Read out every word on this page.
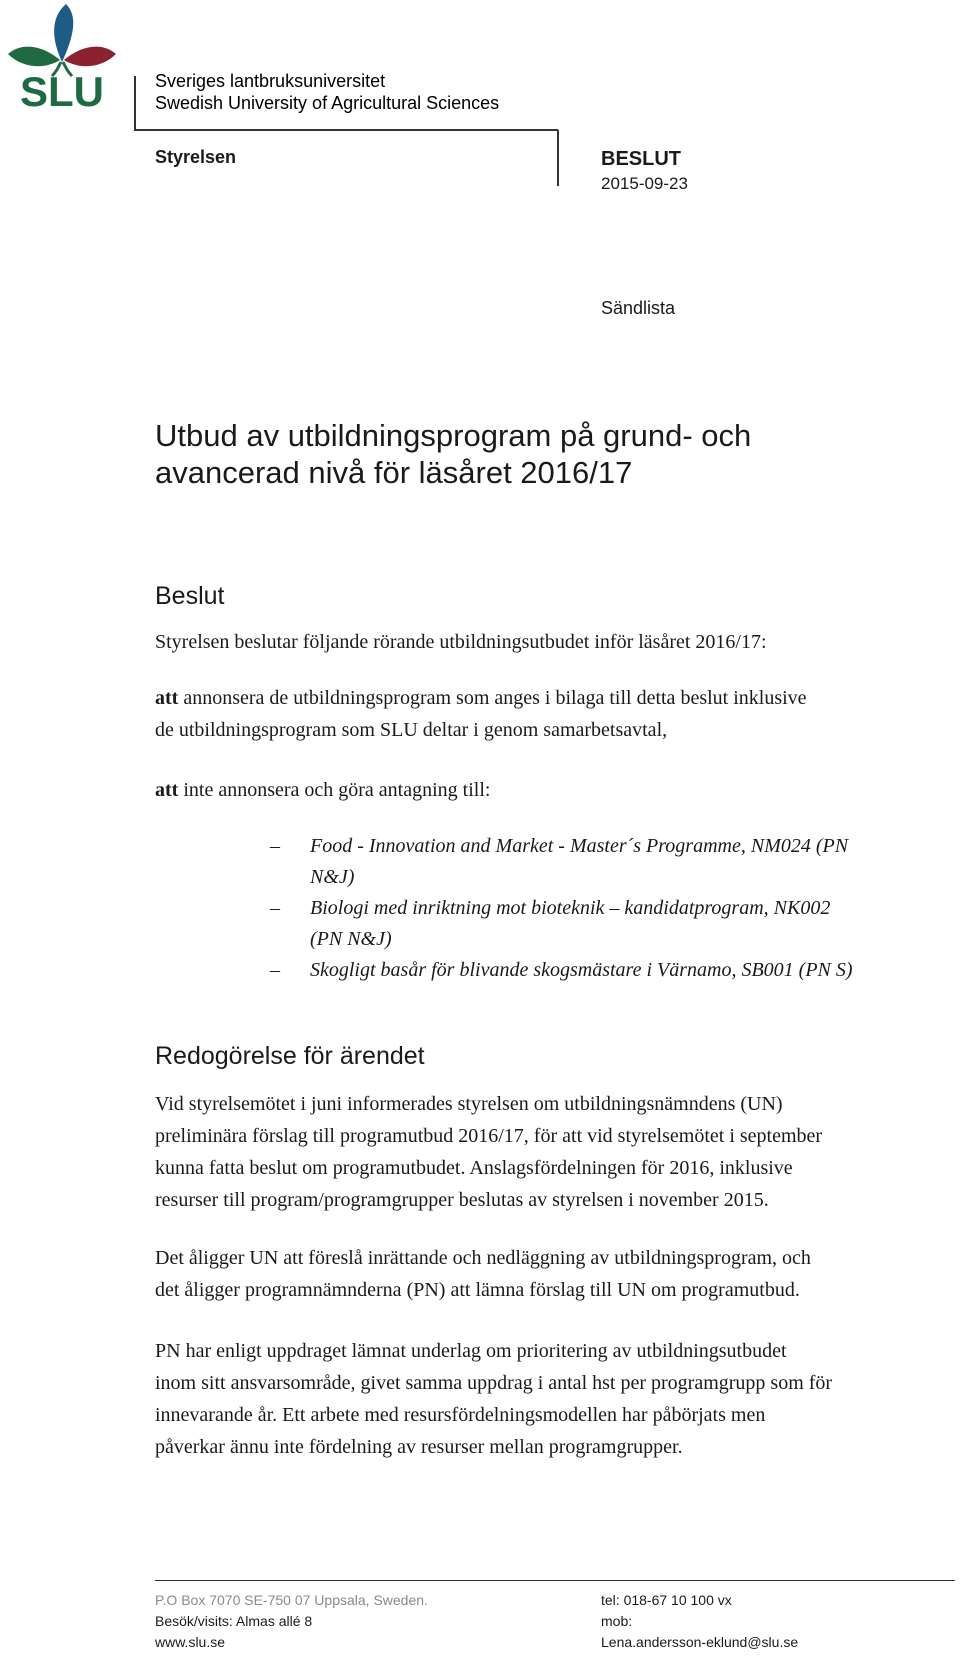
SLU	Sveriges lantbruksuniversitet
Swedish University of Agricultural Sciences
Styrelsen	BESLUT
2015-09-23
Sändlista
Utbud av utbildningsprogram på grund- och
avancerad nivå för läsåret 2016/17
Beslut
Styrelsen beslutar följande rörande utbildningsutbudet inför läsåret 2016/17:
att annonsera de utbildningsprogram som anges i bilaga till detta beslut inklusive
de utbildningsprogram som SLU deltar i genom samarbetsavtal,
att inte annonsera och göra antagning till:
–	Food - Innovation and Market - Master´s Programme, NM024 (PN
N&J)
–	Biologi med inriktning mot bioteknik – kandidatprogram, NK002
(PN N&J)
–	Skogligt basår för blivande skogsmästare i Värnamo, SB001 (PN S)
Redogörelse för ärendet
Vid styrelsemötet i juni informerades styrelsen om utbildningsnämndens (UN)
preliminära förslag till programutbud 2016/17, för att vid styrelsemötet i september
kunna fatta beslut om programutbudet. Anslagsfördelningen för 2016, inklusive
resurser till program/programgrupper beslutas av styrelsen i november 2015.
Det åligger UN att föreslå inrättande och nedläggning av utbildningsprogram, och
det åligger programnämnderna (PN) att lämna förslag till UN om programutbud.
PN har enligt uppdraget lämnat underlag om prioritering av utbildningsutbudet
inom sitt ansvarsområde, givet samma uppdrag i antal hst per programgrupp som för
innevarande år. Ett arbete med resursfördelningsmodellen har påbörjats men
påverkar ännu inte fördelning av resurser mellan programgrupper.
P.O Box 7070 SE-750 07 Uppsala, Sweden.
Besök/visits: Almas allé 8
www.slu.se
tel: 018-67 10 100 vx
mob:
Lena.andersson-eklund@slu.se
